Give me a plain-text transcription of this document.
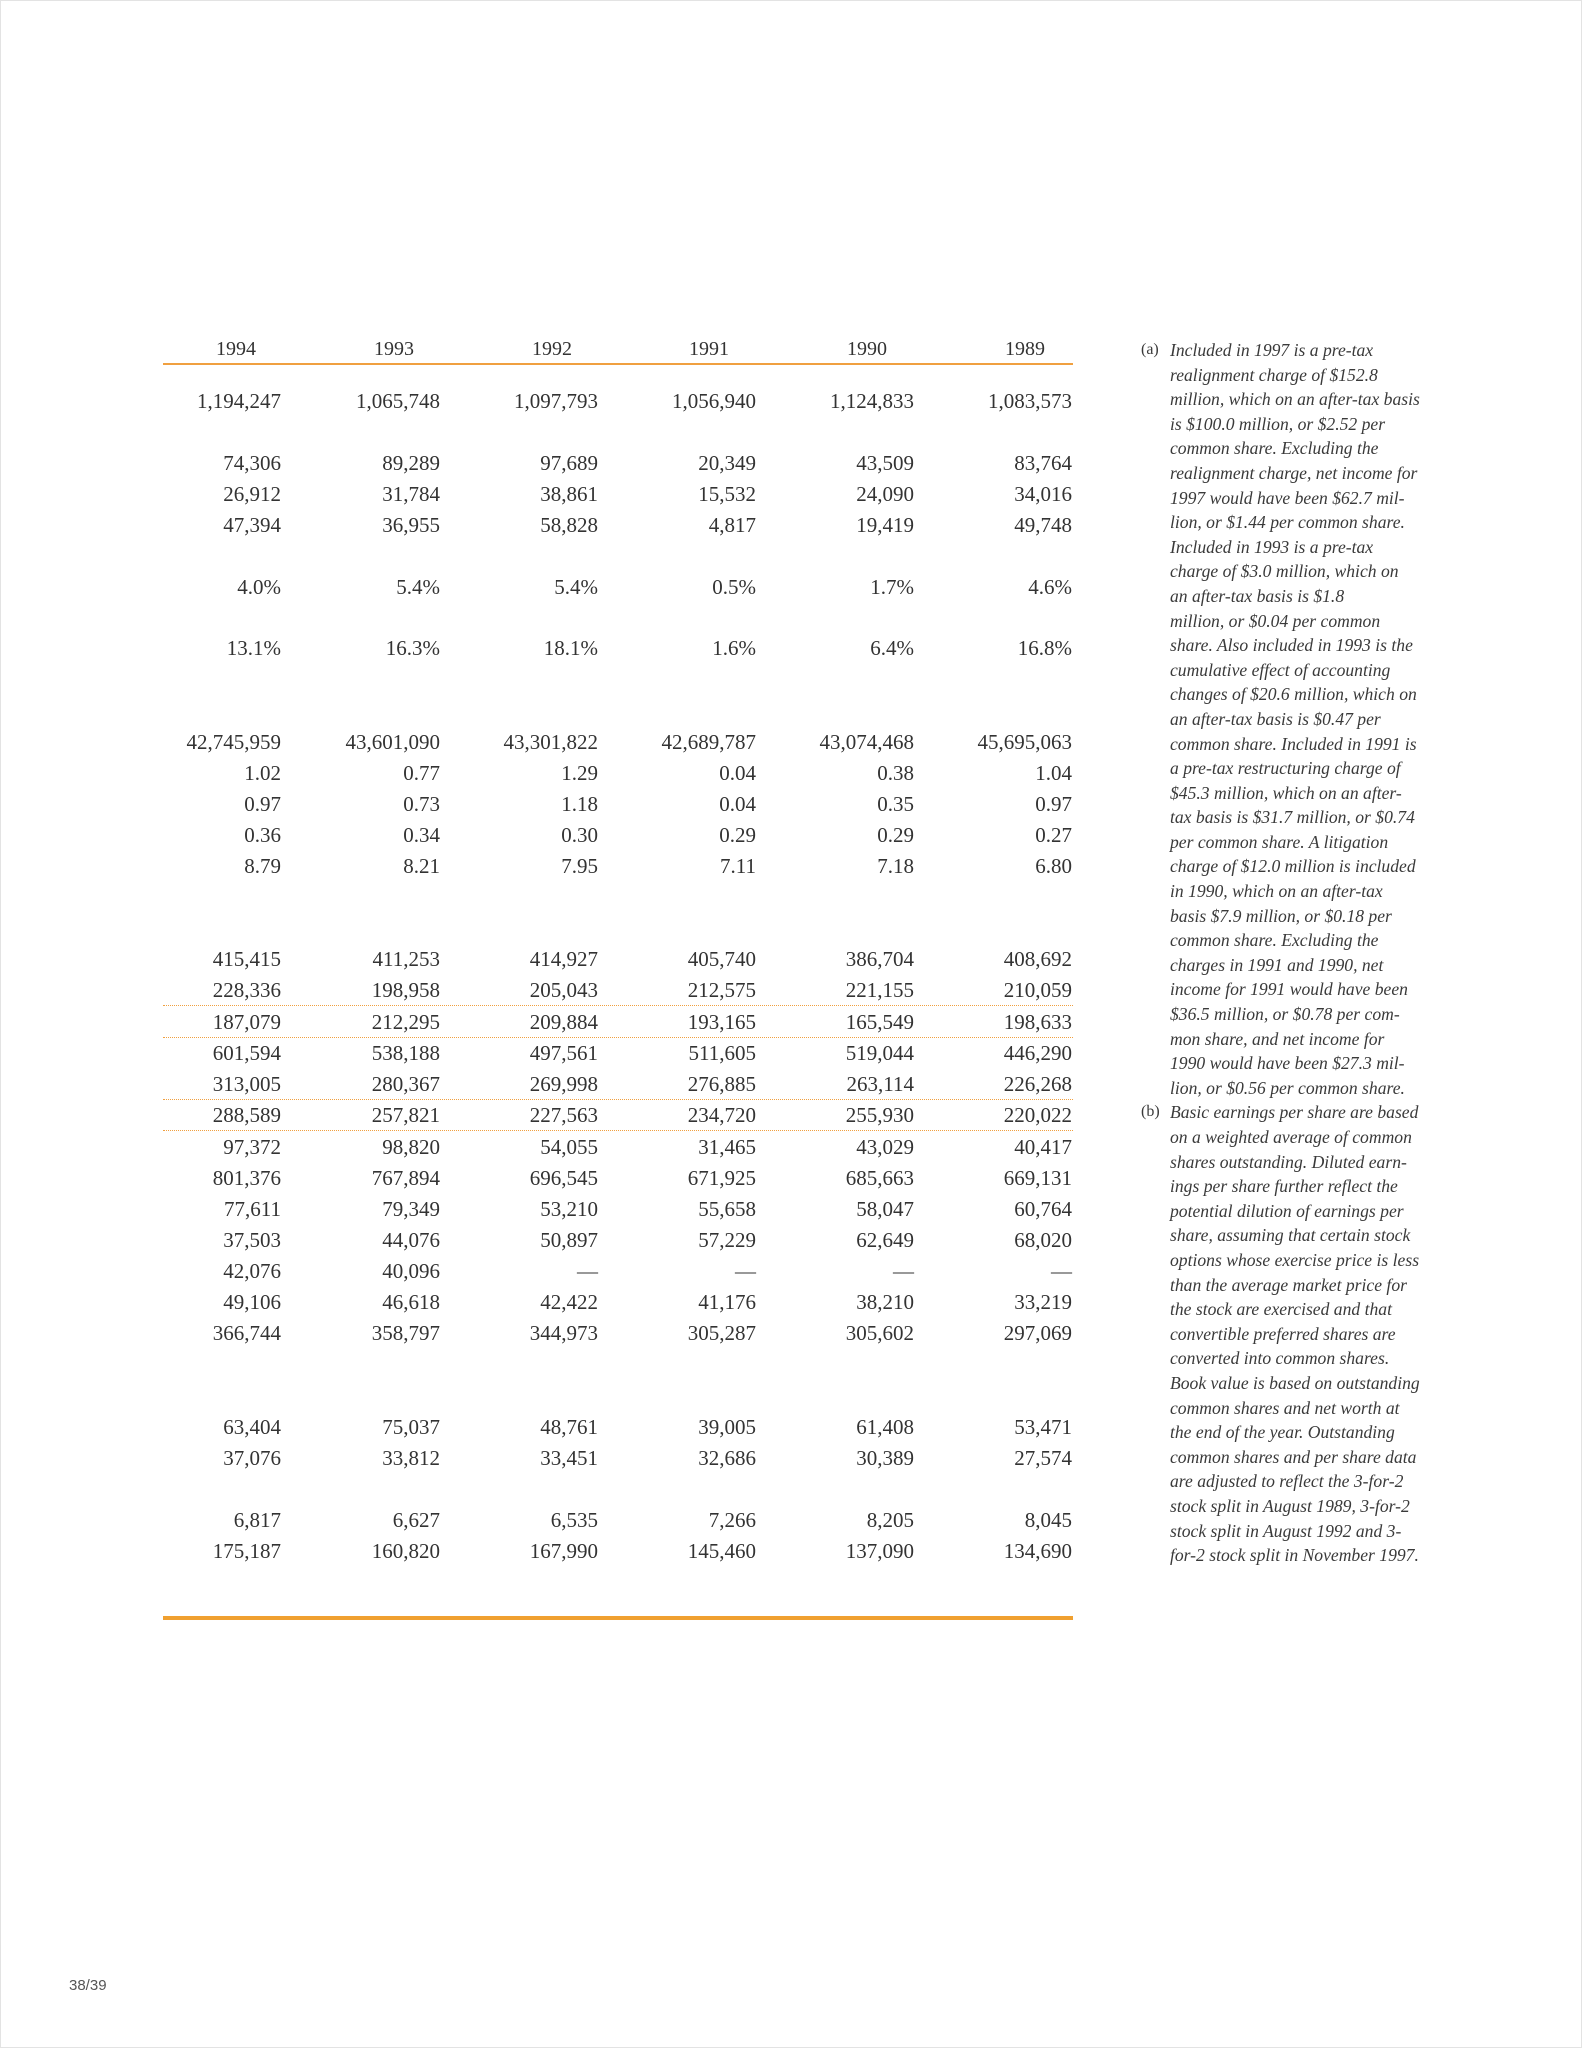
1994	1993	1992	1991	1990	1989
1,194,247	1,065,748	1,097,793	1,056,940	1,124,833	1,083,573
74,306	89,289	97,689	20,349	43,509	83,764
26,912	31,784	38,861	15,532	24,090	34,016
47,394	36,955	58,828	4,817	19,419	49,748
4.0%	5.4%	5.4%	0.5%	1.7%	4.6%
13.1%	16.3%	18.1%	1.6%	6.4%	16.8%
42,745,959	43,601,090	43,301,822	42,689,787	43,074,468	45,695,063
1.02	0.77	1.29	0.04	0.38	1.04
0.97	0.73	1.18	0.04	0.35	0.97
0.36	0.34	0.30	0.29	0.29	0.27
8.79	8.21	7.95	7.11	7.18	6.80
415,415	411,253	414,927	405,740	386,704	408,692
228,336	198,958	205,043	212,575	221,155	210,059
187,079	212,295	209,884	193,165	165,549	198,633
601,594	538,188	497,561	511,605	519,044	446,290
313,005	280,367	269,998	276,885	263,114	226,268
288,589	257,821	227,563	234,720	255,930	220,022
97,372	98,820	54,055	31,465	43,029	40,417
801,376	767,894	696,545	671,925	685,663	669,131
77,611	79,349	53,210	55,658	58,047	60,764
37,503	44,076	50,897	57,229	62,649	68,020
42,076	40,096	—	—	—	—
49,106	46,618	42,422	41,176	38,210	33,219
366,744	358,797	344,973	305,287	305,602	297,069
63,404	75,037	48,761	39,005	61,408	53,471
37,076	33,812	33,451	32,686	30,389	27,574
6,817	6,627	6,535	7,266	8,205	8,045
175,187	160,820	167,990	145,460	137,090	134,690
(a) Included in 1997 is a pre-tax
realignment charge of $152.8
million, which on an after-tax basis
is $100.0 million, or $2.52 per
common share. Excluding the
realignment charge, net income for
1997 would have been $62.7 mil-
lion, or $1.44 per common share.
Included in 1993 is a pre-tax
charge of $3.0 million, which on
an after-tax basis is $1.8
million, or $0.04 per common
share. Also included in 1993 is the
cumulative effect of accounting
changes of $20.6 million, which on
an after-tax basis is $0.47 per
common share. Included in 1991 is
a pre-tax restructuring charge of
$45.3 million, which on an after-
tax basis is $31.7 million, or $0.74
per common share. A litigation
charge of $12.0 million is included
in 1990, which on an after-tax
basis $7.9 million, or $0.18 per
common share. Excluding the
charges in 1991 and 1990, net
income for 1991 would have been
$36.5 million, or $0.78 per com-
mon share, and net income for
1990 would have been $27.3 mil-
lion, or $0.56 per common share.
(b) Basic earnings per share are based
on a weighted average of common
shares outstanding. Diluted earn-
ings per share further reflect the
potential dilution of earnings per
share, assuming that certain stock
options whose exercise price is less
than the average market price for
the stock are exercised and that
convertible preferred shares are
converted into common shares.
Book value is based on outstanding
common shares and net worth at
the end of the year. Outstanding
common shares and per share data
are adjusted to reflect the 3-for-2
stock split in August 1989, 3-for-2
stock split in August 1992 and 3-
for-2 stock split in November 1997.
38/39
